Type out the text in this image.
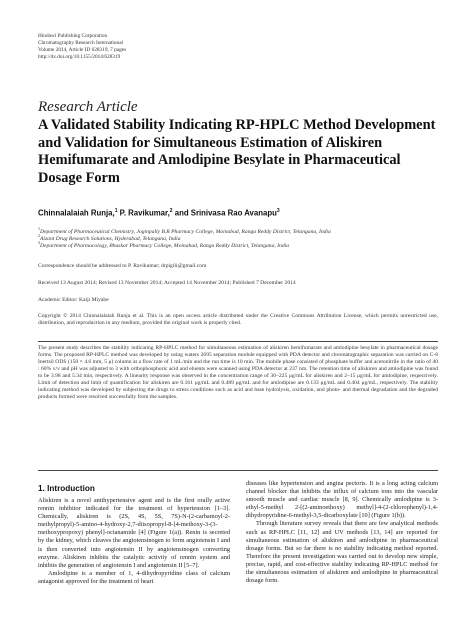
Hindawi Publishing Corporation
Chromatography Research International
Volume 2014, Article ID 628319, 7 pages
http://dx.doi.org/10.1155/2014/628319
Research Article
A Validated Stability Indicating RP-HPLC Method Development and Validation for Simultaneous Estimation of Aliskiren Hemifumarate and Amlodipine Besylate in Pharmaceutical Dosage Form
Chinnalalaiah Runja,$^1$ P. Ravikumar,$^2$ and Srinivasa Rao Avanapu$^3$
$^1$Department of Pharmaceutical Chemistry, Joginpally B.R Pharmacy College, Moinabad, Ranga Reddy District, Telangana, India
$^2$Aizant Drug Research Solutions, Hyderabad, Telangana, India
$^3$Department of Pharmacology, Bhaskar Pharmacy College, Moinabad, Ranga Reddy District, Telangana, India
Correspondence should be addressed to P. Ravikumar; drpigili@gmail.com
Received 13 August 2014; Revised 13 November 2014; Accepted 14 November 2014; Published 7 December 2014
Academic Editor: Kaiji Miyabe
Copyright © 2014 Chinnalalaiah Runja et al. This is an open access article distributed under the Creative Commons Attribution License, which permits unrestricted use, distribution, and reproduction in any medium, provided the original work is properly cited.
The present study describes the stability indicating RP-HPLC method for simultaneous estimation of aliskiren hemifumarate and amlodipine besylate in pharmaceutical dosage forms. The proposed RP-HPLC method was developed by using waters 2695 separation module equipped with PDA detector and chromatographic separation was carried on C-8 Inertsil ODS (150 × 4.6 mm, 5 μ) column at a flow rate of 1 mL/min and the run time is 10 min. The mobile phase consisted of phosphate buffer and acetonitrile in the ratio of 40 : 60% v/v and pH was adjusted to 3 with orthophosphoric acid and eluents were scanned using PDA detector at 237 nm. The retention time of aliskiren and amlodipine was found to be 3.98 and 5.34 min, respectively. A linearity response was observed in the concentration range of 30–225 μg/mL for aliskiren and 2–15 μg/mL for amlodipine, respectively. Limit of detection and limit of quantification for aliskiren are 0.161 μg/mL and 0.489 μg/mL and for amlodipine are 0.133 μg/mL and 0.404 μg/mL, respectively. The stability indicating method was developed by subjecting the drugs to stress conditions such as acid and base hydrolysis, oxidation, and photo- and thermal degradation and the degraded products formed were resolved successfully from the samples.
1. Introduction

Aliskiren is a novel antihypertensive agent and is the first orally active rennin inhibitor indicated for the treatment of hypertension [1–3]. Chemically, aliskiren is (2S, 4S, 5S, 7S)-N-(2-carbamoyl-2-methylpropyl)-5-amino-4-hydroxy-2,7-diisopropyl-8-[4-methoxy-3-(3-methoxypropoxy) phenyl]-octanamide [4] (Figure 1(a)). Renin is secreted by the kidney, which cleaves the angiotensinogen to form angiotensin I and is then converted into angiotensin II by angiotensinogen converting enzyme. Aliskiren inhibits the catalytic activity of rennin system and inhibits the generation of angiotensin I and angiotensin II [5–7].

Amlodipine is a member of 1, 4-dihydropyridine class of calcium antagonist approved for the treatment of heart

diseases like hypertension and angina pectoris. It is a long acting calcium channel blocker that inhibits the influx of calcium ions into the vascular smooth muscle and cardiac muscle [8, 9]. Chemically amlodipine is 3-ethyl-5-methyl 2-[(2-aminoethoxy) methyl]-4-(2-chlorophenyl)-1,4-dihydropyridine-6-methyl-3,5-dicarboxylate [10] (Figure 1(b)).

Through literature survey reveals that there are few analytical methods such as RP-HPLC [11, 12] and UV methods [13, 14] are reported for simultaneous estimation of aliskiren and amlodipine in pharmaceutical dosage forms. But so far there is no stability indicating method reported. Therefore the present investigation was carried out to develop new simple, precise, rapid, and cost-effective stability indicating RP-HPLC method for the simultaneous estimation of aliskiren and amlodipine in pharmaceutical dosage form.
